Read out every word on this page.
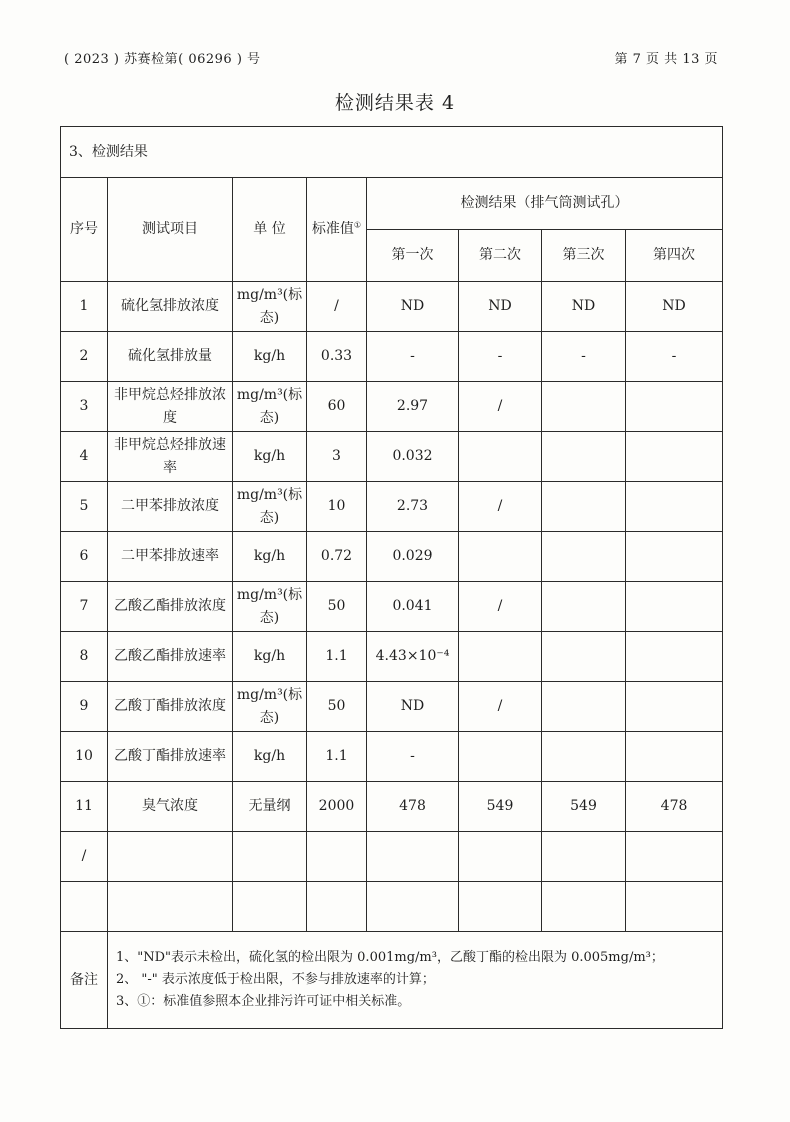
( 2023 ) 苏赛检第( 06296 ) 号	第 7 页 共 13 页
检测结果表 4
3、检测结果							
序号	测试项目	单 位	标准值①	检测结果（排气筒测试孔）			
				第一次	第二次	第三次	第四次
1	硫化氢排放浓度	mg/m³(标态)	/	ND	ND	ND	ND
2	硫化氢排放量	kg/h	0.33	-	-	-	-
3	非甲烷总烃排放浓度	mg/m³(标态)	60	2.97	/		
4	非甲烷总烃排放速率	kg/h	3	0.032			
5	二甲苯排放浓度	mg/m³(标态)	10	2.73	/		
6	二甲苯排放速率	kg/h	0.72	0.029			
7	乙酸乙酯排放浓度	mg/m³(标态)	50	0.041	/		
8	乙酸乙酯排放速率	kg/h	1.1	4.43×10⁻⁴			
9	乙酸丁酯排放浓度	mg/m³(标态)	50	ND	/		
10	乙酸丁酯排放速率	kg/h	1.1	-			
11	臭气浓度	无量纲	2000	478	549	549	478
/							

备注	1、"ND"表示未检出，硫化氢的检出限为 0.001mg/m³，乙酸丁酯的检出限为 0.005mg/m³；
2、 "-" 表示浓度低于检出限，不参与排放速率的计算；
3、①：标准值参照本企业排污许可证中相关标准。						
